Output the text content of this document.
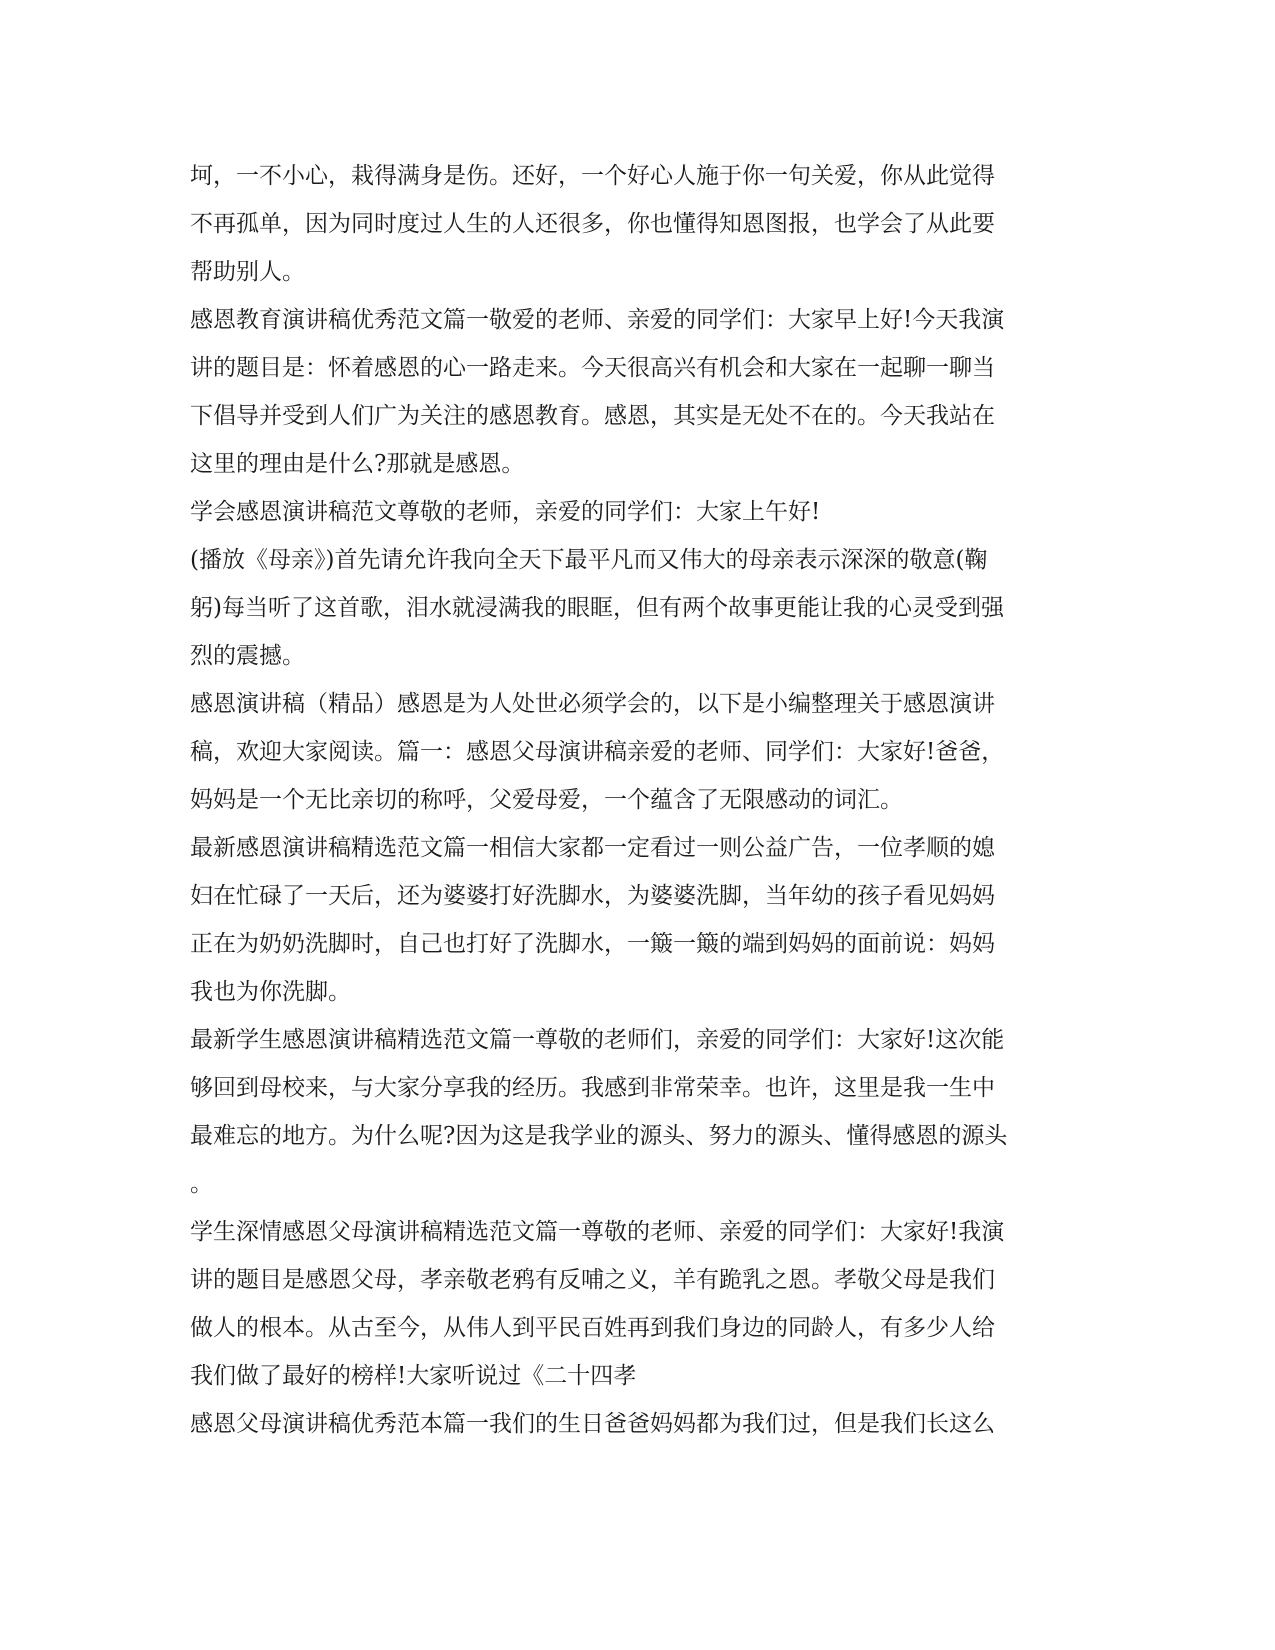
坷，一不小心，栽得满身是伤。还好，一个好心人施于你一句关爱，你从此觉得
不再孤单，因为同时度过人生的人还很多，你也懂得知恩图报，也学会了从此要
帮助别人。
感恩教育演讲稿优秀范文篇一敬爱的老师、亲爱的同学们：大家早上好!今天我演
讲的题目是：怀着感恩的心一路走来。今天很高兴有机会和大家在一起聊一聊当
下倡导并受到人们广为关注的感恩教育。感恩，其实是无处不在的。今天我站在
这里的理由是什么?那就是感恩。
学会感恩演讲稿范文尊敬的老师，亲爱的同学们：大家上午好!
(播放《母亲》)首先请允许我向全天下最平凡而又伟大的母亲表示深深的敬意(鞠
躬)每当听了这首歌，泪水就浸满我的眼眶，但有两个故事更能让我的心灵受到强
烈的震撼。
感恩演讲稿（精品）感恩是为人处世必须学会的，以下是小编整理关于感恩演讲
稿，欢迎大家阅读。篇一：感恩父母演讲稿亲爱的老师、同学们：大家好!爸爸，
妈妈是一个无比亲切的称呼，父爱母爱，一个蕴含了无限感动的词汇。
最新感恩演讲稿精选范文篇一相信大家都一定看过一则公益广告，一位孝顺的媳
妇在忙碌了一天后，还为婆婆打好洗脚水，为婆婆洗脚，当年幼的孩子看见妈妈
正在为奶奶洗脚时，自己也打好了洗脚水，一簸一簸的端到妈妈的面前说：妈妈
我也为你洗脚。
最新学生感恩演讲稿精选范文篇一尊敬的老师们，亲爱的同学们：大家好!这次能
够回到母校来，与大家分享我的经历。我感到非常荣幸。也许，这里是我一生中
最难忘的地方。为什么呢?因为这是我学业的源头、努力的源头、懂得感恩的源头
。
学生深情感恩父母演讲稿精选范文篇一尊敬的老师、亲爱的同学们：大家好!我演
讲的题目是感恩父母，孝亲敬老鸦有反哺之义，羊有跪乳之恩。孝敬父母是我们
做人的根本。从古至今，从伟人到平民百姓再到我们身边的同龄人，有多少人给
我们做了最好的榜样!大家听说过《二十四孝
感恩父母演讲稿优秀范本篇一我们的生日爸爸妈妈都为我们过，但是我们长这么
